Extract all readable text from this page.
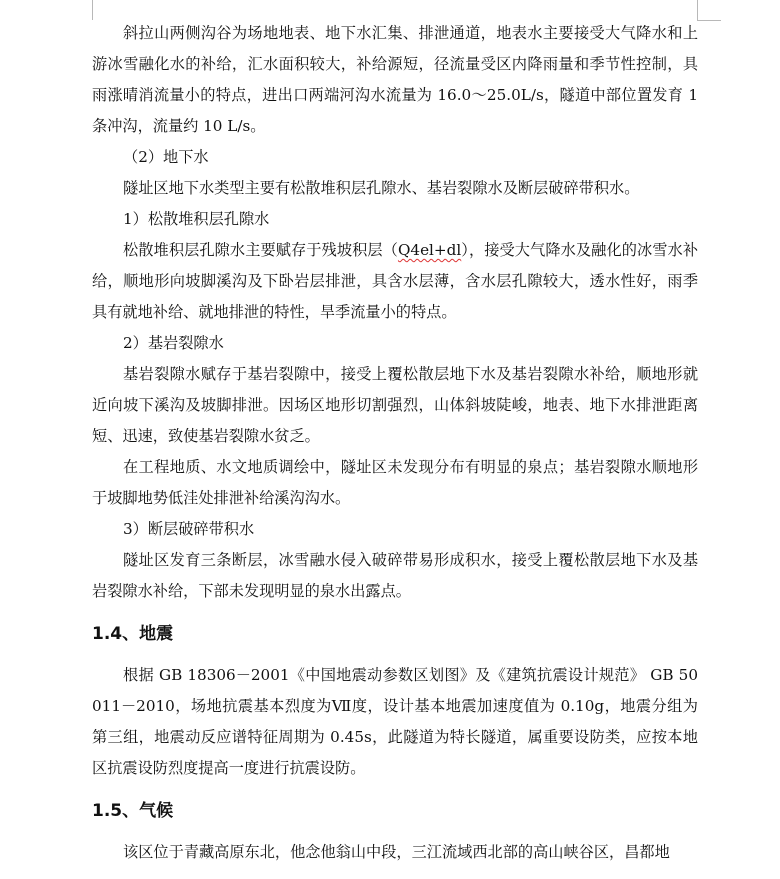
斜拉山两侧沟谷为场地地表、地下水汇集、排泄通道，地表水主要接受大气降水和上游冰雪融化水的补给，汇水面积较大，补给源短，径流量受区内降雨量和季节性控制，具雨涨晴消流量小的特点，进出口两端河沟水流量为 16.0～25.0L/s，隧道中部位置发育 1 条冲沟，流量约 10 L/s。

（2）地下水

隧址区地下水类型主要有松散堆积层孔隙水、基岩裂隙水及断层破碎带积水。

1）松散堆积层孔隙水

松散堆积层孔隙水主要赋存于残坡积层（Q4el+dl），接受大气降水及融化的冰雪水补给，顺地形向坡脚溪沟及下卧岩层排泄，具含水层薄，含水层孔隙较大，透水性好，雨季具有就地补给、就地排泄的特性，旱季流量小的特点。

2）基岩裂隙水

基岩裂隙水赋存于基岩裂隙中，接受上覆松散层地下水及基岩裂隙水补给，顺地形就近向坡下溪沟及坡脚排泄。因场区地形切割强烈，山体斜坡陡峻，地表、地下水排泄距离短、迅速，致使基岩裂隙水贫乏。

在工程地质、水文地质调绘中，隧址区未发现分布有明显的泉点；基岩裂隙水顺地形于坡脚地势低洼处排泄补给溪沟沟水。

3）断层破碎带积水

隧址区发育三条断层，冰雪融水侵入破碎带易形成积水，接受上覆松散层地下水及基岩裂隙水补给，下部未发现明显的泉水出露点。

1.4、地震

根据 GB 18306－2001《中国地震动参数区划图》及《建筑抗震设计规范》 GB 50011－2010，场地抗震基本烈度为Ⅶ度，设计基本地震加速度值为 0.10g，地震分组为第三组，地震动反应谱特征周期为 0.45s，此隧道为特长隧道，属重要设防类，应按本地区抗震设防烈度提高一度进行抗震设防。

1.5、气候

该区位于青藏高原东北，他念他翁山中段，三江流域西北部的高山峡谷区，昌都地
